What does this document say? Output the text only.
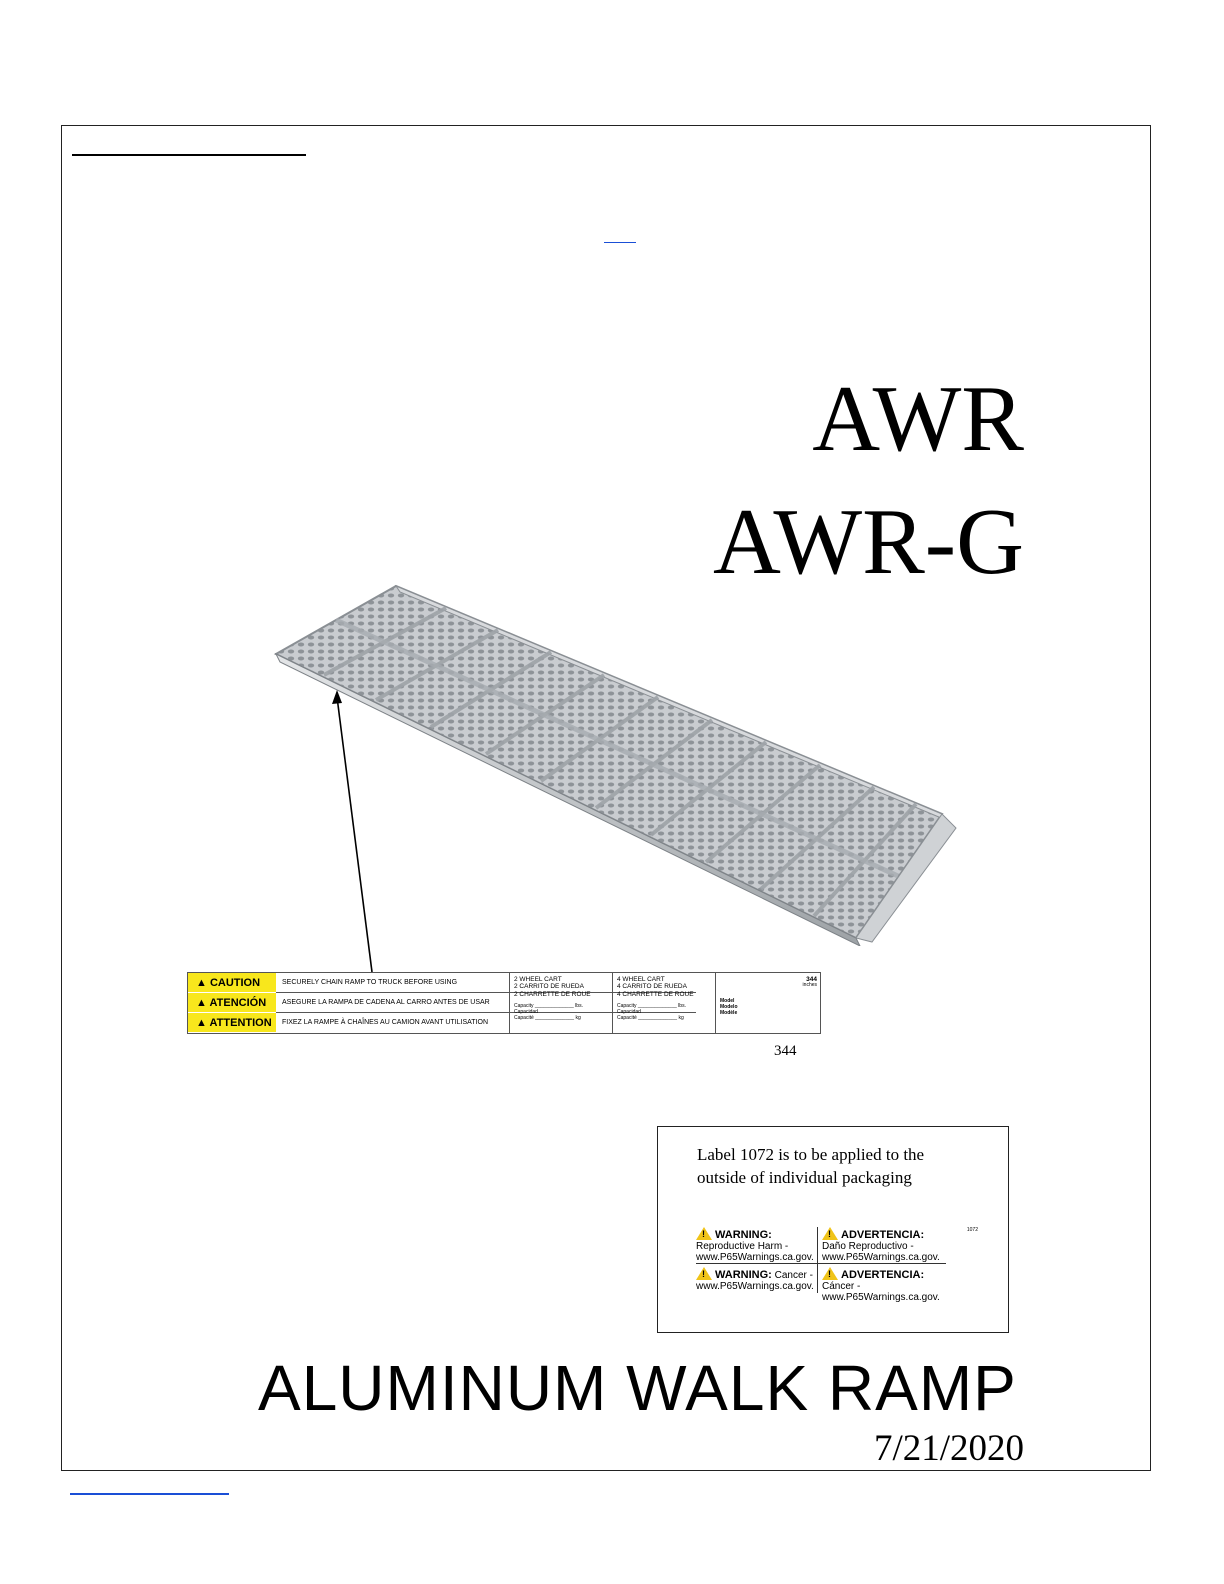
AWR
AWR-G
▲ CAUTION
▲ ATENCIÓN
▲ ATTENTION
SECURELY CHAIN RAMP TO TRUCK BEFORE USING
ASEGURE LA RAMPA DE CADENA AL CARRO ANTES DE USAR
FIXEZ LA RAMPE À CHAÎNES AU CAMION AVANT UTILISATION
2 WHEEL CART
2 CARRITO DE RUEDA
2 CHARRETTE DE ROUE
Capacity ______________ lbs.
Capacidad
Capacité ______________ kg
4 WHEEL CART
4 CARRITO DE RUEDA
4 CHARRETTE DE ROUE
Capacity ______________ lbs.
Capacidad
Capacité ______________ kg
344
inches
Model
Modelo
Modèle
344
Label 1072 is to be applied to the
outside of individual packaging
1072
!WARNING:
Reproductive Harm - www.P65Warnings.ca.gov.
!ADVERTENCIA:
Daño Reproductivo - www.P65Warnings.ca.gov.
!WARNING: Cancer - www.P65Warnings.ca.gov.
!ADVERTENCIA: Cáncer - www.P65Warnings.ca.gov.
ALUMINUM WALK RAMP
7/21/2020
